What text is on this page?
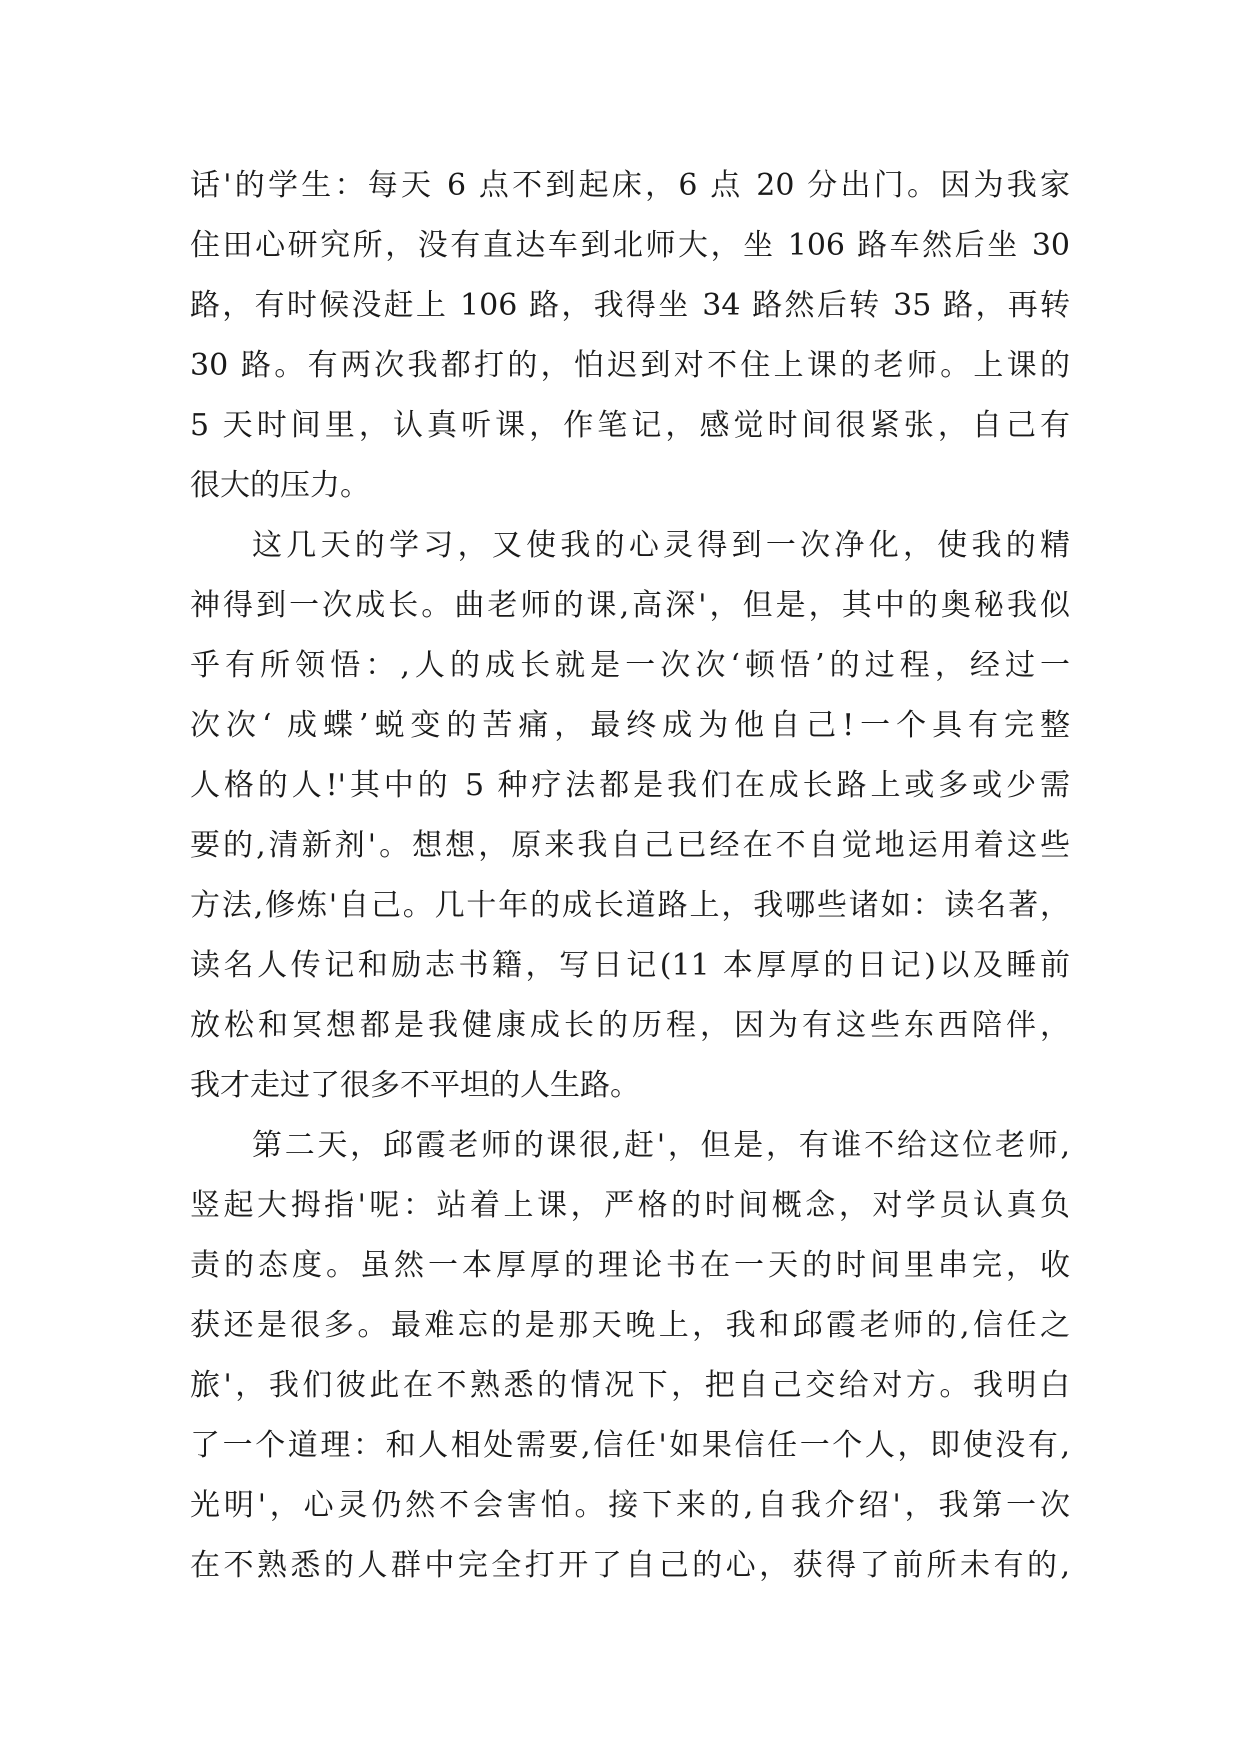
话'的学生：每天 6 点不到起床，6 点 20 分出门。因为我家
住田心研究所，没有直达车到北师大，坐 106 路车然后坐 30
路，有时候没赶上 106 路，我得坐 34 路然后转 35 路，再转
30 路。有两次我都打的，怕迟到对不住上课的老师。上课的
5 天时间里，认真听课，作笔记，感觉时间很紧张，自己有
很大的压力。
这几天的学习，又使我的心灵得到一次净化，使我的精
神得到一次成长。曲老师的课,高深'，但是，其中的奥秘我似
乎有所领悟：,人的成长就是一次次‘顿悟’的过程，经过一
次次‘ 成蝶’蜕变的苦痛，最终成为他自己!一个具有完整
人格的人!'其中的 5 种疗法都是我们在成长路上或多或少需
要的,清新剂'。想想，原来我自己已经在不自觉地运用着这些
方法,修炼'自己。几十年的成长道路上，我哪些诸如：读名著，
读名人传记和励志书籍，写日记(11 本厚厚的日记)以及睡前
放松和冥想都是我健康成长的历程，因为有这些东西陪伴，
我才走过了很多不平坦的人生路。
第二天，邱霞老师的课很,赶'，但是，有谁不给这位老师,
竖起大拇指'呢：站着上课，严格的时间概念，对学员认真负
责的态度。虽然一本厚厚的理论书在一天的时间里串完，收
获还是很多。最难忘的是那天晚上，我和邱霞老师的,信任之
旅'，我们彼此在不熟悉的情况下，把自己交给对方。我明白
了一个道理：和人相处需要,信任'如果信任一个人，即使没有,
光明'，心灵仍然不会害怕。接下来的,自我介绍'，我第一次
在不熟悉的人群中完全打开了自己的心，获得了前所未有的,
